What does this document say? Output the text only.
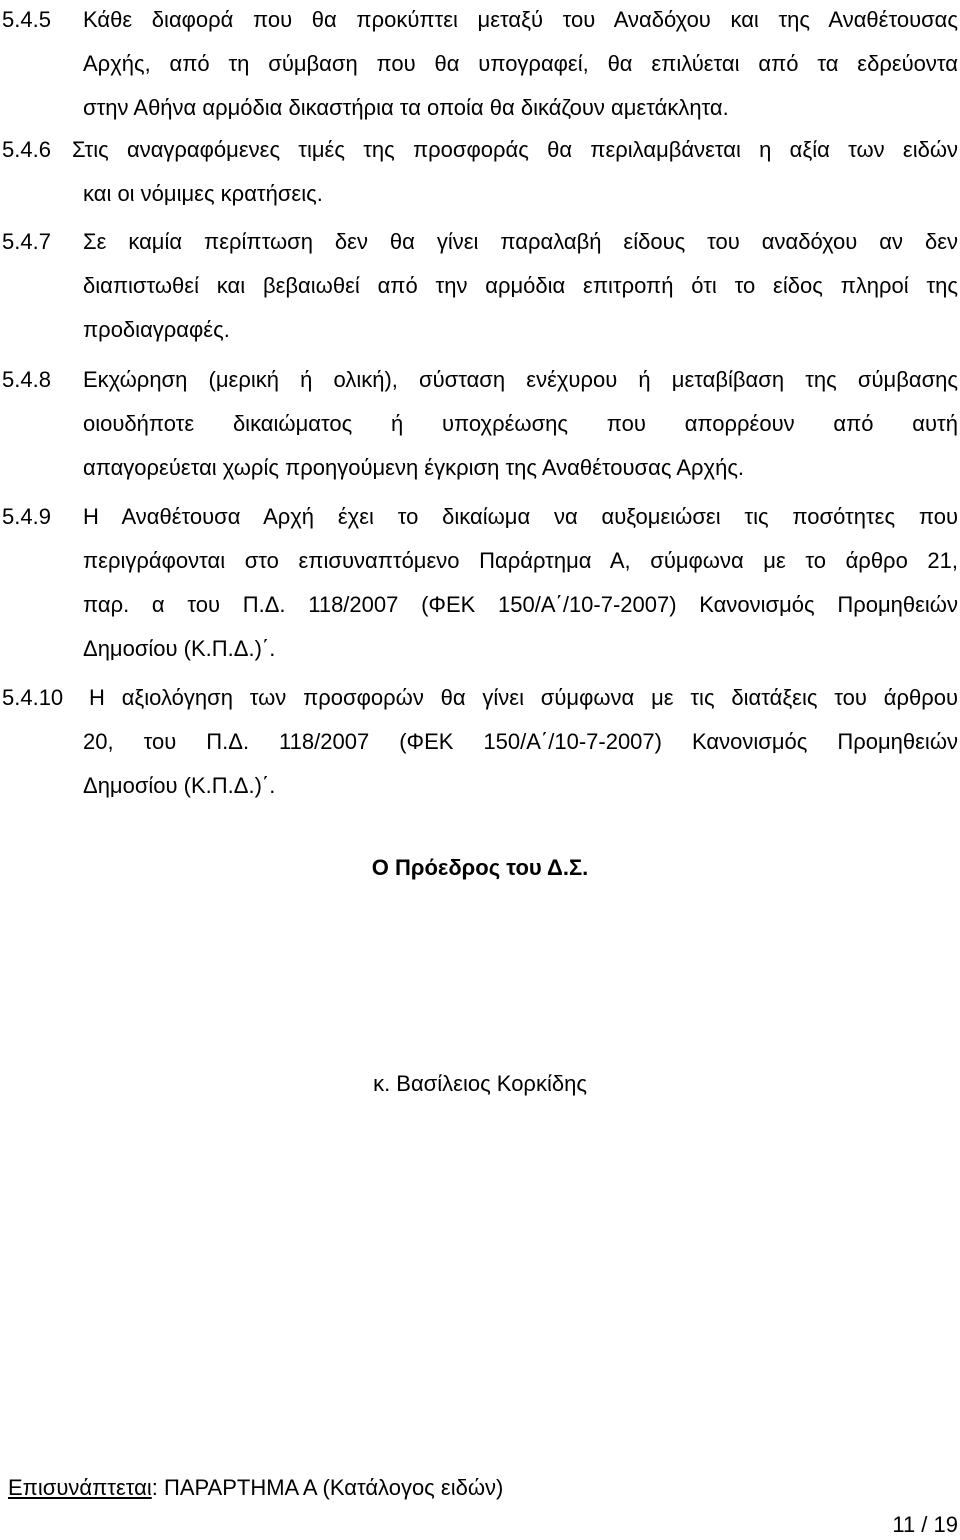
5.4.5 Κάθε διαφορά που θα προκύπτει μεταξύ του Αναδόχου και της Αναθέτουσας
Αρχής, από τη σύμβαση που θα υπογραφεί, θα επιλύεται από τα εδρεύοντα
στην Αθήνα αρμόδια δικαστήρια τα οποία θα δικάζουν αμετάκλητα.
5.4.6 Στις αναγραφόμενες τιμές της προσφοράς θα περιλαμβάνεται η αξία των ειδών
και οι νόμιμες κρατήσεις.
5.4.7 Σε καμία περίπτωση δεν θα γίνει παραλαβή είδους του αναδόχου αν δεν
διαπιστωθεί και βεβαιωθεί από την αρμόδια επιτροπή ότι το είδος πληροί της
προδιαγραφές.
5.4.8 Εκχώρηση (μερική ή ολική), σύσταση ενέχυρου ή μεταβίβαση της σύμβασης
οιουδήποτε δικαιώματος ή υποχρέωσης που απορρέουν από αυτή
απαγορεύεται χωρίς προηγούμενη έγκριση της Αναθέτουσας Αρχής.
5.4.9 Η Αναθέτουσα Αρχή έχει το δικαίωμα να αυξομειώσει τις ποσότητες που
περιγράφονται στο επισυναπτόμενο Παράρτημα Α, σύμφωνα με το άρθρο 21,
παρ. α του Π.Δ. 118/2007 (ΦΕΚ 150/Α΄/10-7-2007) Κανονισμός Προμηθειών
Δημοσίου (Κ.Π.Δ.)΄.
5.4.10 Η αξιολόγηση των προσφορών θα γίνει σύμφωνα με τις διατάξεις του άρθρου
20, του Π.Δ. 118/2007 (ΦΕΚ 150/Α΄/10-7-2007) Κανονισμός Προμηθειών
Δημοσίου (Κ.Π.Δ.)΄.
Ο Πρόεδρος του Δ.Σ.
κ. Βασίλειος Κορκίδης
Επισυνάπτεται: ΠΑΡΑΡΤΗΜΑ Α (Κατάλογος ειδών)
11 / 19
